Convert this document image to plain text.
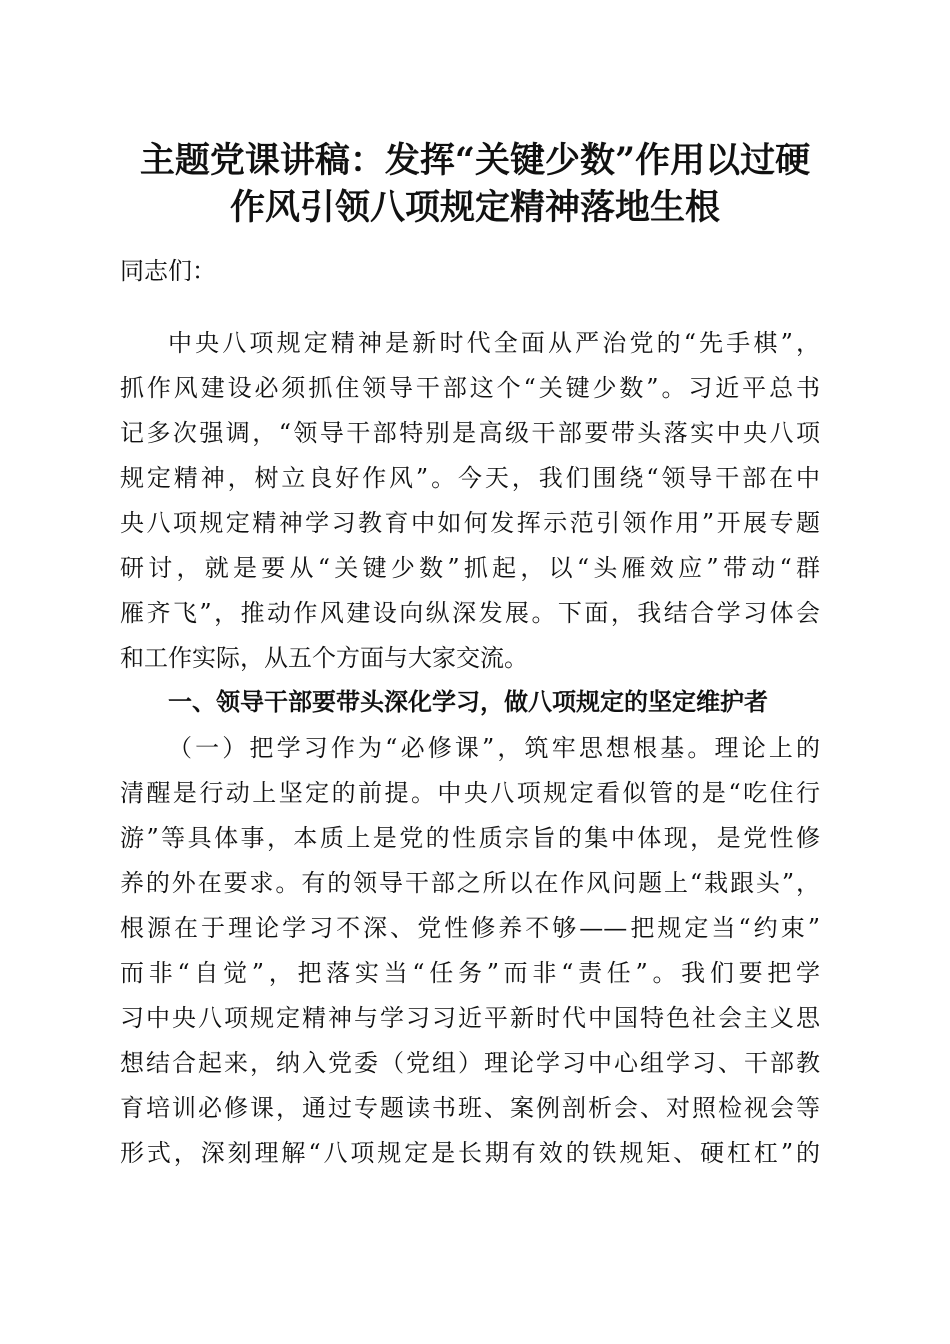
主题党课讲稿：发挥“关键少数”作用以过硬
作风引领八项规定精神落地生根

同志们：

中央八项规定精神是新时代全面从严治党的“先手棋”，

抓作风建设必须抓住领导干部这个“关键少数”。习近平总书

记多次强调，“领导干部特别是高级干部要带头落实中央八项

规定精神，树立良好作风”。今天，我们围绕“领导干部在中

央八项规定精神学习教育中如何发挥示范引领作用”开展专题

研讨，就是要从“关键少数”抓起，以“头雁效应”带动“群

雁齐飞”，推动作风建设向纵深发展。下面，我结合学习体会

和工作实际，从五个方面与大家交流。

一、领导干部要带头深化学习，做八项规定的坚定维护者

（一）把学习作为“必修课”，筑牢思想根基。理论上的

清醒是行动上坚定的前提。中央八项规定看似管的是“吃住行

游”等具体事，本质上是党的性质宗旨的集中体现，是党性修

养的外在要求。有的领导干部之所以在作风问题上“栽跟头”，

根源在于理论学习不深、党性修养不够——把规定当“约束”

而非“自觉”，把落实当“任务”而非“责任”。我们要把学

习中央八项规定精神与学习习近平新时代中国特色社会主义思

想结合起来，纳入党委（党组）理论学习中心组学习、干部教

育培训必修课，通过专题读书班、案例剖析会、对照检视会等

形式，深刻理解“八项规定是长期有效的铁规矩、硬杠杠”的
